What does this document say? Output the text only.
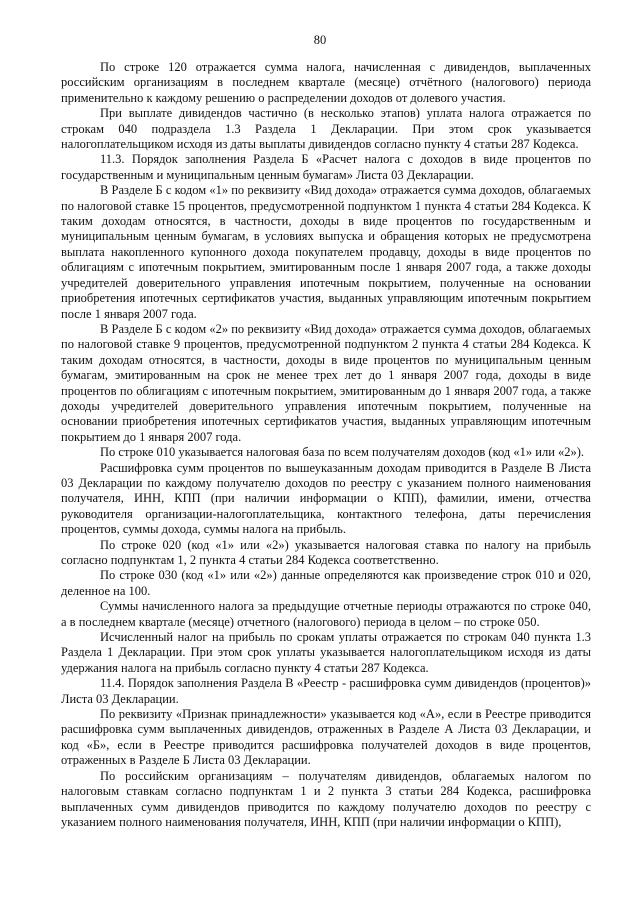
80

По строке 120 отражается сумма налога, начисленная с дивидендов, выплаченных российским организациям в последнем квартале (месяце) отчётного (налогового) периода применительно к каждому решению о распределении доходов от долевого участия.

При выплате дивидендов частично (в несколько этапов) уплата налога отражается по строкам 040 подраздела 1.3 Раздела 1 Декларации. При этом срок указывается налогоплательщиком исходя из даты выплаты дивидендов согласно пункту 4 статьи 287 Кодекса.

11.3. Порядок заполнения Раздела Б «Расчет налога с доходов в виде процентов по государственным и муниципальным ценным бумагам» Листа 03 Декларации.

В Разделе Б с кодом «1» по реквизиту «Вид дохода» отражается сумма доходов, облагаемых по налоговой ставке 15 процентов, предусмотренной подпунктом 1 пункта 4 статьи 284 Кодекса. К таким доходам относятся, в частности, доходы в виде процентов по государственным и муниципальным ценным бумагам, в условиях выпуска и обращения которых не предусмотрена выплата накопленного купонного дохода покупателем продавцу, доходы в виде процентов по облигациям с ипотечным покрытием, эмитированным после 1 января 2007 года, а также доходы учредителей доверительного управления ипотечным покрытием, полученные на основании приобретения ипотечных сертификатов участия, выданных управляющим ипотечным покрытием после 1 января 2007 года.

В Разделе Б с кодом «2» по реквизиту «Вид дохода» отражается сумма доходов, облагаемых по налоговой ставке 9 процентов, предусмотренной подпунктом 2 пункта 4 статьи 284 Кодекса. К таким доходам относятся, в частности, доходы в виде процентов по муниципальным ценным бумагам, эмитированным на срок не менее трех лет до 1 января 2007 года, доходы в виде процентов по облигациям с ипотечным покрытием, эмитированным до 1 января 2007 года, а также доходы учредителей доверительного управления ипотечным покрытием, полученные на основании приобретения ипотечных сертификатов участия, выданных управляющим ипотечным покрытием до 1 января 2007 года.

По строке 010 указывается налоговая база по всем получателям доходов (код «1» или «2»).

Расшифровка сумм процентов по вышеуказанным доходам приводится в Разделе В Листа 03 Декларации по каждому получателю доходов по реестру с указанием полного наименования получателя, ИНН, КПП (при наличии информации о КПП), фамилии, имени, отчества руководителя организации-налогоплательщика, контактного телефона, даты перечисления процентов, суммы дохода, суммы налога на прибыль.

По строке 020 (код «1» или «2») указывается налоговая ставка по налогу на прибыль согласно подпунктам 1, 2 пункта 4 статьи 284 Кодекса соответственно.

По строке 030 (код «1» или «2») данные определяются как произведение строк 010 и 020, деленное на 100.

Суммы начисленного налога за предыдущие отчетные периоды отражаются по строке 040, а в последнем квартале (месяце) отчетного (налогового) периода в целом – по строке 050.

Исчисленный налог на прибыль по срокам уплаты отражается по строкам 040 пункта 1.3 Раздела 1 Декларации. При этом срок уплаты указывается налогоплательщиком исходя из даты удержания налога на прибыль согласно пункту 4 статьи 287 Кодекса.

11.4. Порядок заполнения Раздела В «Реестр - расшифровка сумм дивидендов (процентов)» Листа 03 Декларации.

По реквизиту «Признак принадлежности» указывается код «А», если в Реестре приводится расшифровка сумм выплаченных дивидендов, отраженных в Разделе А Листа 03 Декларации, и код «Б», если в Реестре приводится расшифровка получателей доходов в виде процентов, отраженных в Разделе Б Листа 03 Декларации.

По российским организациям – получателям дивидендов, облагаемых налогом по налоговым ставкам согласно подпунктам 1 и 2 пункта 3 статьи 284 Кодекса, расшифровка выплаченных сумм дивидендов приводится по каждому получателю доходов по реестру с указанием полного наименования получателя, ИНН, КПП (при наличии информации о КПП),
